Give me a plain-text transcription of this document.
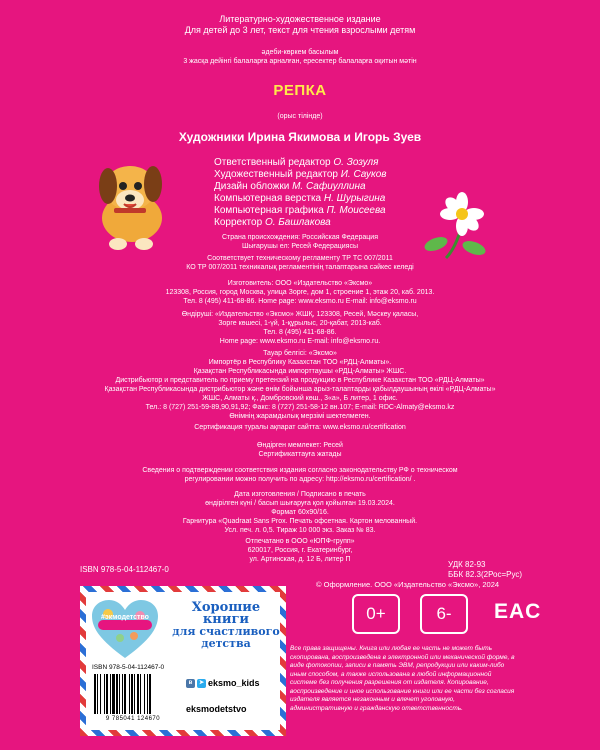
Литературно-художественное издание
Для детей до 3 лет, текст для чтения взрослыми детям
әдеби-көркем басылым
3 жасқа дейінгі балаларға арналған, ересектер балаларға оқитын мәтін
РЕПКА
(орыс тілінде)
Художники Ирина Якимова и Игорь Зуев
Ответственный редактор О. Зозуля
Художественный редактор И. Сауков
Дизайн обложки М. Сафиуллина
Компьютерная верстка Н. Шурыгина
Компьютерная графика П. Моисеева
Корректор О. Башлакова
Страна происхождения: Российская Федерация
Шығарушы ел: Ресей Федерациясы
Соответствует техническому регламенту ТР ТС 007/2011
КО ТР 007/2011 техникалық регламентінің талаптарына сәйкес келеді
Изготовитель: ООО «Издательство «Эксмо»
123308, Россия, город Москва, улица Зорге, дом 1, строение 1, этаж 20, каб. 2013.
Тел. 8 (495) 411-68-86. Home page: www.eksmo.ru E-mail: info@eksmo.ru
Өндіруші: «Издательство «Эксмо» ЖШҚ, 123308, Ресей, Мәскеу қаласы,
Зорге көшесі, 1-үй, 1-құрылыс, 20-қабат, 2013-каб.
Тел. 8 (495) 411-68-86.
Home page: www.eksmo.ru E-mail: info@eksmo.ru.
Тауар белгісі: «Эксмо»
Импортёр в Республику Казахстан ТОО «РДЦ-Алматы».
Қазақстан Республикасында импорттаушы «РДЦ-Алматы» ЖШС.
Дистрибьютор и представитель по приему претензий на продукцию в Республике Казахстан ТОО «РДЦ-Алматы»
Қазақстан Республикасында дистрибьютор және өнім бойынша арыз-талаптарды қабылдаушының өкілі «РДЦ-Алматы»
ЖШС, Алматы қ., Домбровский көш., 3«а», Б литер, 1 офис.
Тел.: 8 (727) 251-59-89,90,91,92; Факс: 8 (727) 251-58-12 вн.107; E-mail: RDC-Almaty@eksmo.kz
Өнімнің жарамдылық мерзімі шектелмеген.
Сертификация туралы ақпарат сайтта: www.eksmo.ru/certification
Өндірген мемлекет: Ресей
Сертификаттауға жатады
Сведения о подтверждении соответствия издания согласно законодательству РФ о техническом
регулировании можно получить по адресу: http://eksmo.ru/certification/ .
Дата изготовления / Подписано в печать
өндірілген күні / басып шығаруға қол қойылған 19.03.2024.
Формат 60x90/16.
Гарнитура «Quadraat Sans Prox. Печать офсетная. Картон мелованный.
Усл. печ. л. 0,5. Тираж 10 000 экз. Заказ № 83.
Отпечатано в ООО «ЮПФ-групп»
620017, Россия, г. Екатеринбург,
ул. Артинская, д. 12 Б, литер П
ISBN 978-5-04-112467-0
УДК 82-93
ББК 82.3(2Рос=Рус)
© Оформление. ООО «Издательство «Эксмо», 2024
#экмодетство
Хорошие
книги
для счастливого
детства
ISBN 978-5-04-112467-0
9 785041 124670
в ➤ eksmo_kids
eksmodetstvo
0+	6-	EAC
Все права защищены. Книга или любая ее часть не может быть скопирована, воспроизведена в электронной или механической форме, в виде фотокопии, записи в память ЭВМ, репродукции или каким-либо иным способом, а также использована в любой информационной системе без получения разрешения от издателя. Копирование, воспроизведение и иное использование книги или ее части без согласия издателя является незаконным и влечет уголовную, административную и гражданскую ответственность.
